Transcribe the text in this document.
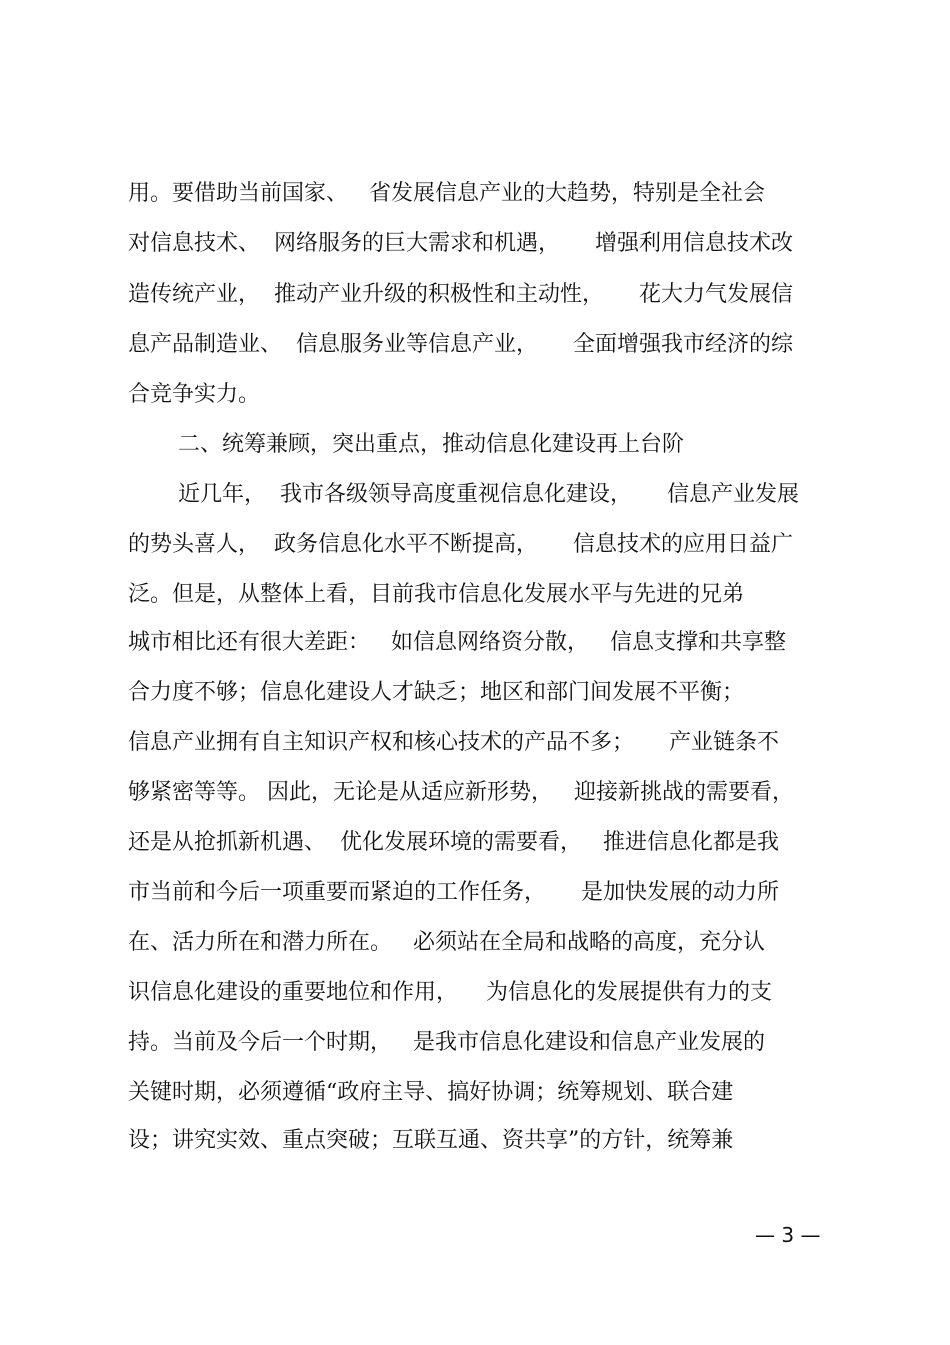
用。要借助当前国家、   省发展信息产业的大趋势，特别是全社会

对信息技术、  网络服务的巨大需求和机遇，     增强利用信息技术改

造传统产业，  推动产业升级的积极性和主动性，     花大力气发展信

息产品制造业、  信息服务业等信息产业，     全面增强我市经济的综

合竞争实力。

二、统筹兼顾，突出重点，推动信息化建设再上台阶

近几年，  我市各级领导高度重视信息化建设，     信息产业发展

的势头喜人，  政务信息化水平不断提高，     信息技术的应用日益广

泛。但是，从整体上看，目前我市信息化发展水平与先进的兄弟

城市相比还有很大差距：   如信息网络资分散，   信息支撑和共享整

合力度不够；信息化建设人才缺乏；地区和部门间发展不平衡；

信息产业拥有自主知识产权和核心技术的产品不多；     产业链条不

够紧密等等。 因此，无论是从适应新形势，   迎接新挑战的需要看，

还是从抢抓新机遇、  优化发展环境的需要看，   推进信息化都是我

市当前和今后一项重要而紧迫的工作任务，     是加快发展的动力所

在、活力所在和潜力所在。   必须站在全局和战略的高度，充分认

识信息化建设的重要地位和作用，    为信息化的发展提供有力的支

持。当前及今后一个时期，   是我市信息化建设和信息产业发展的

关键时期，必须遵循“政府主导、搞好协调；统筹规划、联合建

设；讲究实效、重点突破；互联互通、资共享”的方针，统筹兼

— 3 —
